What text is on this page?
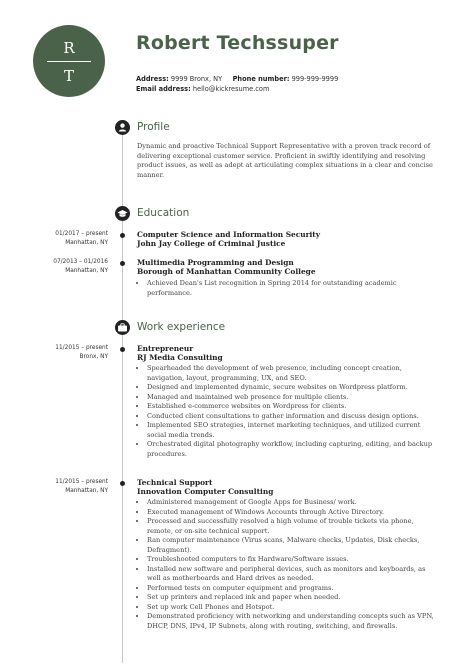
R
T
Robert Techssuper
Address: 9999 Bronx, NY Phone number: 999-999-9999
Email address: hello@kickresume.com
Profile
Dynamic and proactive Technical Support Representative with a proven track record of delivering exceptional customer service. Proficient in swiftly identifying and resolving product issues, as well as adept at articulating complex situations in a clear and concise manner.
Education
01/2017 – present
Manhattan, NY
Computer Science and Information Security
John Jay College of Criminal Justice
07/2013 – 01/2016
Manhattan, NY
Multimedia Programming and Design
Borough of Manhattan Community College
• Achieved Dean's List recognition in Spring 2014 for outstanding academic performance.
Work experience
11/2015 – present
Bronx, NY
Entrepreneur
RJ Media Consulting
• Spearheaded the development of web presence, including concept creation, navigation, layout, programming, UX, and SEO.
• Designed and implemented dynamic, secure websites on Wordpress platform.
• Managed and maintained web presence for multiple clients.
• Established e-commerce websites on Wordpress for clients.
• Conducted client consultations to gather information and discuss design options.
• Implemented SEO strategies, internet marketing techniques, and utilized current social media trends.
• Orchestrated digital photography workflow, including capturing, editing, and backup procedures.
11/2015 – present
Manhattan, NY
Technical Support
Innovation Computer Consulting
• Administered management of Google Apps for Business/ work.
• Executed management of Windows Accounts through Active Directory.
• Processed and successfully resolved a high volume of trouble tickets via phone, remote, or on-site technical support.
• Ran computer maintenance (Virus scans, Malware checks, Updates, Disk checks, Defragment).
• Troubleshooted computers to fix Hardware/Software issues.
• Installed new software and peripheral devices, such as monitors and keyboards, as well as motherboards and Hard drives as needed.
• Performed tests on computer equipment and programs.
• Set up printers and replaced ink and paper when needed.
• Set up work Cell Phones and Hotspot.
• Demonstrated proficiency with networking and understanding concepts such as VPN, DHCP, DNS, IPv4, IP Subnets, along with routing, switching, and firewalls.
